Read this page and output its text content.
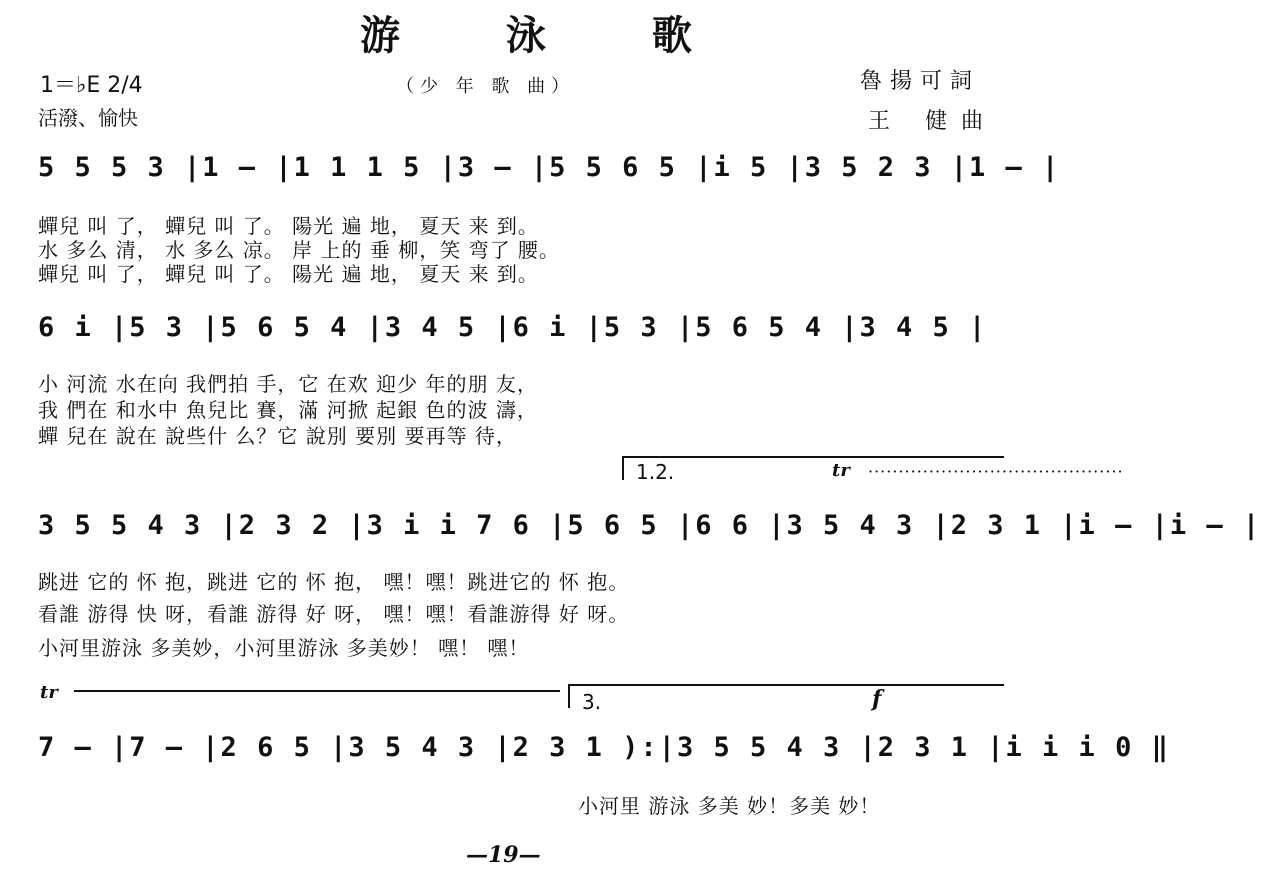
游 泳 歌
1＝♭E 2/4
活潑、愉快
（少 年 歌 曲）	魯揚可詞
王 健曲
5 5 5 3 |1 — |1 1 1 5 |3 — |5 5 6 5 |i 5 |3 5 2 3 |1 — |
蟬兒 叫 了， 蟬兒 叫 了。 陽光 遍 地， 夏天 来 到。
水 多么 清， 水 多么 凉。 岸 上的 垂 柳，笑 弯了 腰。
蟬兒 叫 了， 蟬兒 叫 了。 陽光 遍 地， 夏天 来 到。
6 i |5 3 |5 6 5 4 |3 4 5 |6 i |5 3 |5 6 5 4 |3 4 5 |
小 河流 水在向 我們拍 手，它 在欢 迎少 年的朋 友，
我 們在 和水中 魚兒比 賽，滿 河掀 起銀 色的波 濤，
蟬 兒在 說在 說些什 么？它 說別 要別 要再等 待，
1.2.	tr ··········································
3 5 5 4 3 |2 3 2 |3 i i 7 6 |5 6 5 |6 6 |3 5 4 3 |2 3 1 |i — |i — |
跳进 它的 怀 抱，跳进 它的 怀 抱， 嘿！嘿！跳进它的 怀 抱。
看誰 游得 快 呀，看誰 游得 好 呀， 嘿！嘿！看誰游得 好 呀。
小河里游泳 多美妙，小河里游泳 多美妙！ 嘿！ 嘿！
tr	3.	f
7 — |7 — |2 6 5 |3 5 4 3 |2 3 1 ):|3 5 5 4 3 |2 3 1 |i i i 0 ‖
小河里 游泳 多美 妙！多美 妙！
—19—
